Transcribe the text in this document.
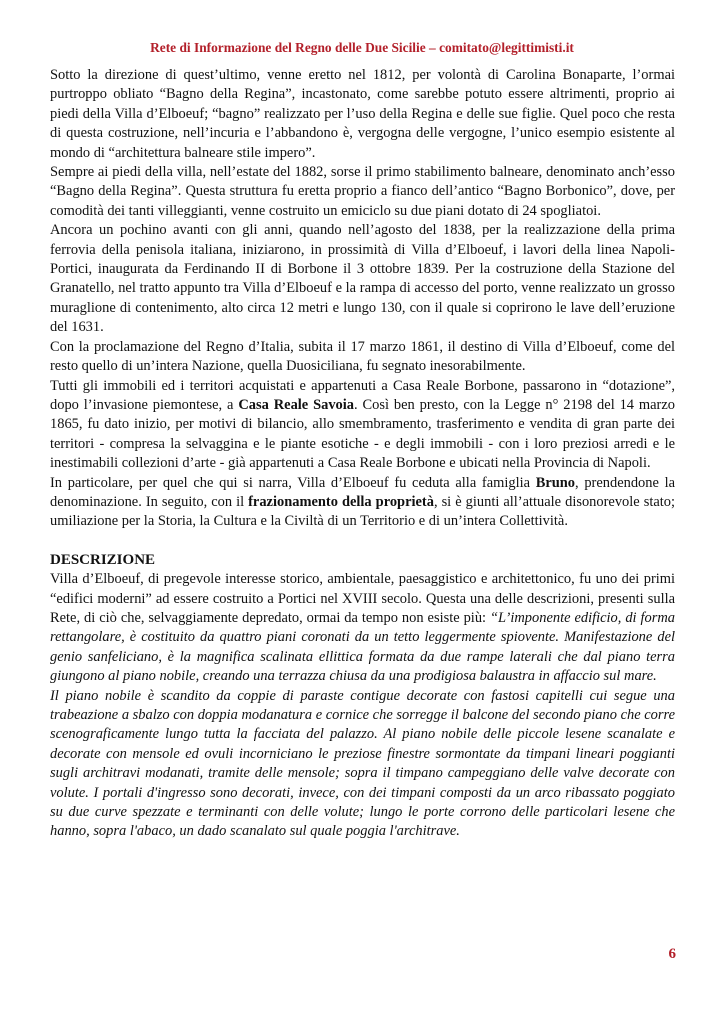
Rete di Informazione del Regno delle Due Sicilie – comitato@legittimisti.it

Sotto la direzione di quest’ultimo, venne eretto nel 1812, per volontà di Carolina Bonaparte, l’ormai purtroppo obliato “Bagno della Regina”, incastonato, come sarebbe potuto essere altrimenti, proprio ai piedi della Villa d’Elboeuf; “bagno” realizzato per l’uso della Regina e delle sue figlie. Quel poco che resta di questa costruzione, nell’incuria e l’abbandono è, vergogna delle vergogne, l’unico esempio esistente al mondo di “architettura balneare stile impero”.

Sempre ai piedi della villa, nell’estate del 1882, sorse il primo stabilimento balneare, denominato anch’esso “Bagno della Regina”. Questa struttura fu eretta proprio a fianco dell’antico “Bagno Borbonico”, dove, per comodità dei tanti villeggianti, venne costruito un emiciclo su due piani dotato di 24 spogliatoi.

Ancora un pochino avanti con gli anni, quando nell’agosto del 1838, per la realizzazione della prima ferrovia della penisola italiana, iniziarono, in prossimità di Villa d’Elboeuf, i lavori della linea Napoli-Portici, inaugurata da Ferdinando II di Borbone il 3 ottobre 1839. Per la costruzione della Stazione del Granatello, nel tratto appunto tra Villa d’Elboeuf e la rampa di accesso del porto, venne realizzato un grosso muraglione di contenimento, alto circa 12 metri e lungo 130, con il quale si coprirono le lave dell’eruzione del 1631.

Con la proclamazione del Regno d’Italia, subita il 17 marzo 1861, il destino di Villa d’Elboeuf, come del resto quello di un’intera Nazione, quella Duosiciliana, fu segnato inesorabilmente.

Tutti gli immobili ed i territori acquistati e appartenuti a Casa Reale Borbone, passarono in “dotazione”, dopo l’invasione piemontese, a Casa Reale Savoia. Così ben presto, con la Legge n° 2198 del 14 marzo 1865, fu dato inizio, per motivi di bilancio, allo smembramento, trasferimento e vendita di gran parte dei territori - compresa la selvaggina e le piante esotiche - e degli immobili - con i loro preziosi arredi e le inestimabili collezioni d’arte - già appartenuti a Casa Reale Borbone e ubicati nella Provincia di Napoli.

In particolare, per quel che qui si narra, Villa d’Elboeuf fu ceduta alla famiglia Bruno, prendendone la denominazione. In seguito, con il frazionamento della proprietà, si è giunti all’attuale disonorevole stato; umiliazione per la Storia, la Cultura e la Civiltà di un Territorio e di un’intera Collettività.

DESCRIZIONE

Villa d’Elboeuf, di pregevole interesse storico, ambientale, paesaggistico e architettonico, fu uno dei primi “edifici moderni” ad essere costruito a Portici nel XVIII secolo. Questa una delle descrizioni, presenti sulla Rete, di ciò che, selvaggiamente depredato, ormai da tempo non esiste più: “L’imponente edificio, di forma rettangolare, è costituito da quattro piani coronati da un tetto leggermente spiovente. Manifestazione del genio sanfeliciano, è la magnifica scalinata ellittica formata da due rampe laterali che dal piano terra giungono al piano nobile, creando una terrazza chiusa da una prodigiosa balaustra in affaccio sul mare.

Il piano nobile è scandito da coppie di paraste contigue decorate con fastosi capitelli cui segue una trabeazione a sbalzo con doppia modanatura e cornice che sorregge il balcone del secondo piano che corre scenograficamente lungo tutta la facciata del palazzo. Al piano nobile delle piccole lesene scanalate e decorate con mensole ed ovuli incorniciano le preziose finestre sormontate da timpani lineari poggianti sugli architravi modanati, tramite delle mensole; sopra il timpano campeggiano delle valve decorate con volute. I portali d'ingresso sono decorati, invece, con dei timpani composti da un arco ribassato poggiato su due curve spezzate e terminanti con delle volute; lungo le porte corrono delle particolari lesene che hanno, sopra l'abaco, un dado scanalato sul quale poggia l'architrave.

6
